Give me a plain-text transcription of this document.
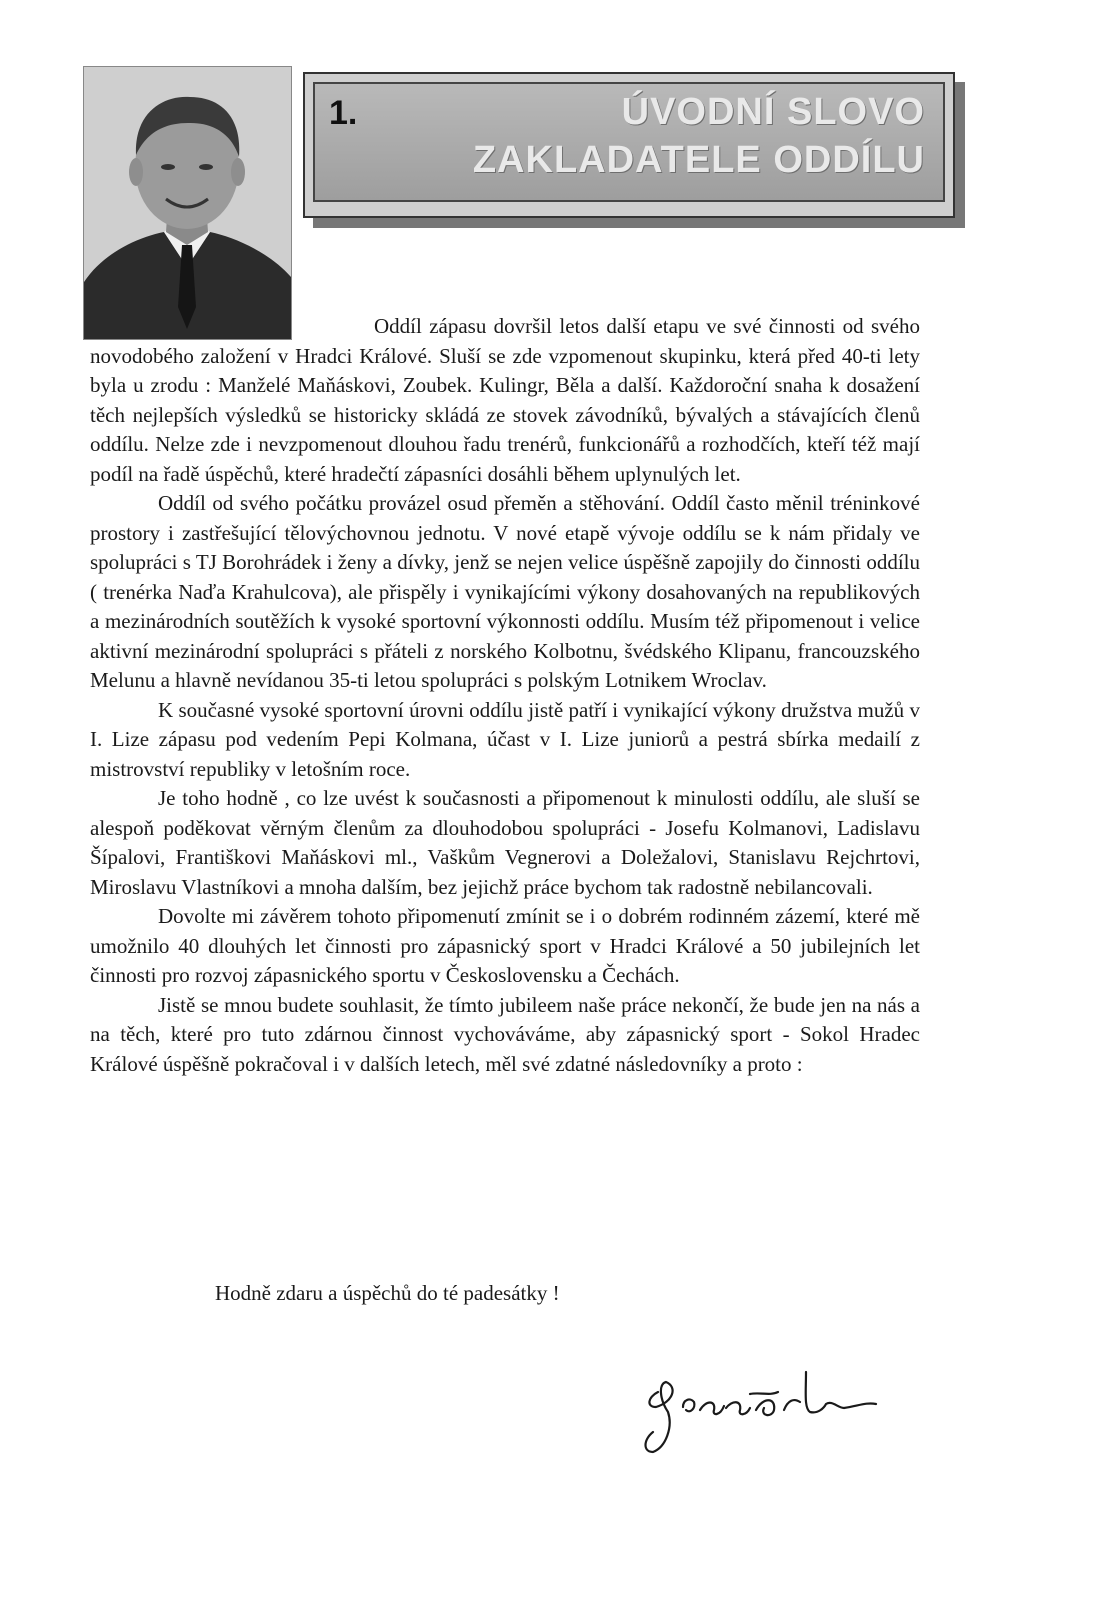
1.	ÚVODNÍ SLOVO
ZAKLADATELE ODDÍLU

Oddíl zápasu dovršil letos další etapu ve své činnosti od svého novodobého založení v Hradci Králové. Sluší se zde vzpomenout skupinku, která před 40-ti lety byla u zrodu : Manželé Maňáskovi, Zoubek. Kulingr, Běla a další. Každoroční snaha k dosažení těch nejlepších výsledků se historicky skládá ze stovek závodníků, bývalých a stávajících členů oddílu. Nelze zde i nevzpomenout dlouhou řadu trenérů, funkcionářů a rozhodčích, kteří též mají podíl na řadě úspěchů, které hradečtí zápasníci dosáhli během uplynulých let.

Oddíl od svého počátku provázel osud přeměn a stěhování. Oddíl často měnil tréninkové prostory i zastřešující tělovýchovnou jednotu. V nové etapě vývoje oddílu se k nám přidaly ve spolupráci s TJ Borohrádek i ženy a dívky, jenž se nejen velice úspěšně zapojily do činnosti oddílu ( trenérka Naďa Krahulcova), ale přispěly i vynikajícími výkony dosahovaných na republikových a mezinárodních soutěžích k vysoké sportovní výkonnosti oddílu. Musím též připomenout i velice aktivní mezinárodní spolupráci s přáteli z norského Kolbotnu, švédského Klipanu, francouzského Melunu a hlavně nevídanou 35-ti letou spolupráci s polským Lotnikem Wroclav.

K současné vysoké sportovní úrovni oddílu jistě patří i vynikající výkony družstva mužů v I. Lize zápasu pod vedením Pepi Kolmana, účast v I. Lize juniorů a pestrá sbírka medailí z mistrovství republiky v letošním roce.

Je toho hodně , co lze uvést k současnosti a připomenout k minulosti oddílu, ale sluší se alespoň poděkovat věrným členům za dlouhodobou spolupráci - Josefu Kolmanovi, Ladislavu Šípalovi, Františkovi Maňáskovi ml., Vaškům Vegnerovi a Doležalovi, Stanislavu Rejchrtovi, Miroslavu Vlastníkovi a mnoha dalším, bez jejichž práce bychom tak radostně nebilancovali.

Dovolte mi závěrem tohoto připomenutí zmínit se i o dobrém rodinném zázemí, které mě umožnilo 40 dlouhých let činnosti pro zápasnický sport v Hradci Králové a 50 jubilejních let činnosti pro rozvoj zápasnického sportu v Československu a Čechách.

Jistě se mnou budete souhlasit, že tímto jubileem naše práce nekončí, že bude jen na nás a na těch, které pro tuto zdárnou činnost vychováváme, aby zápasnický sport - Sokol Hradec Králové úspěšně pokračoval i v dalších letech, měl své zdatné následovníky a proto :

Hodně zdaru a úspěchů do té padesátky !
